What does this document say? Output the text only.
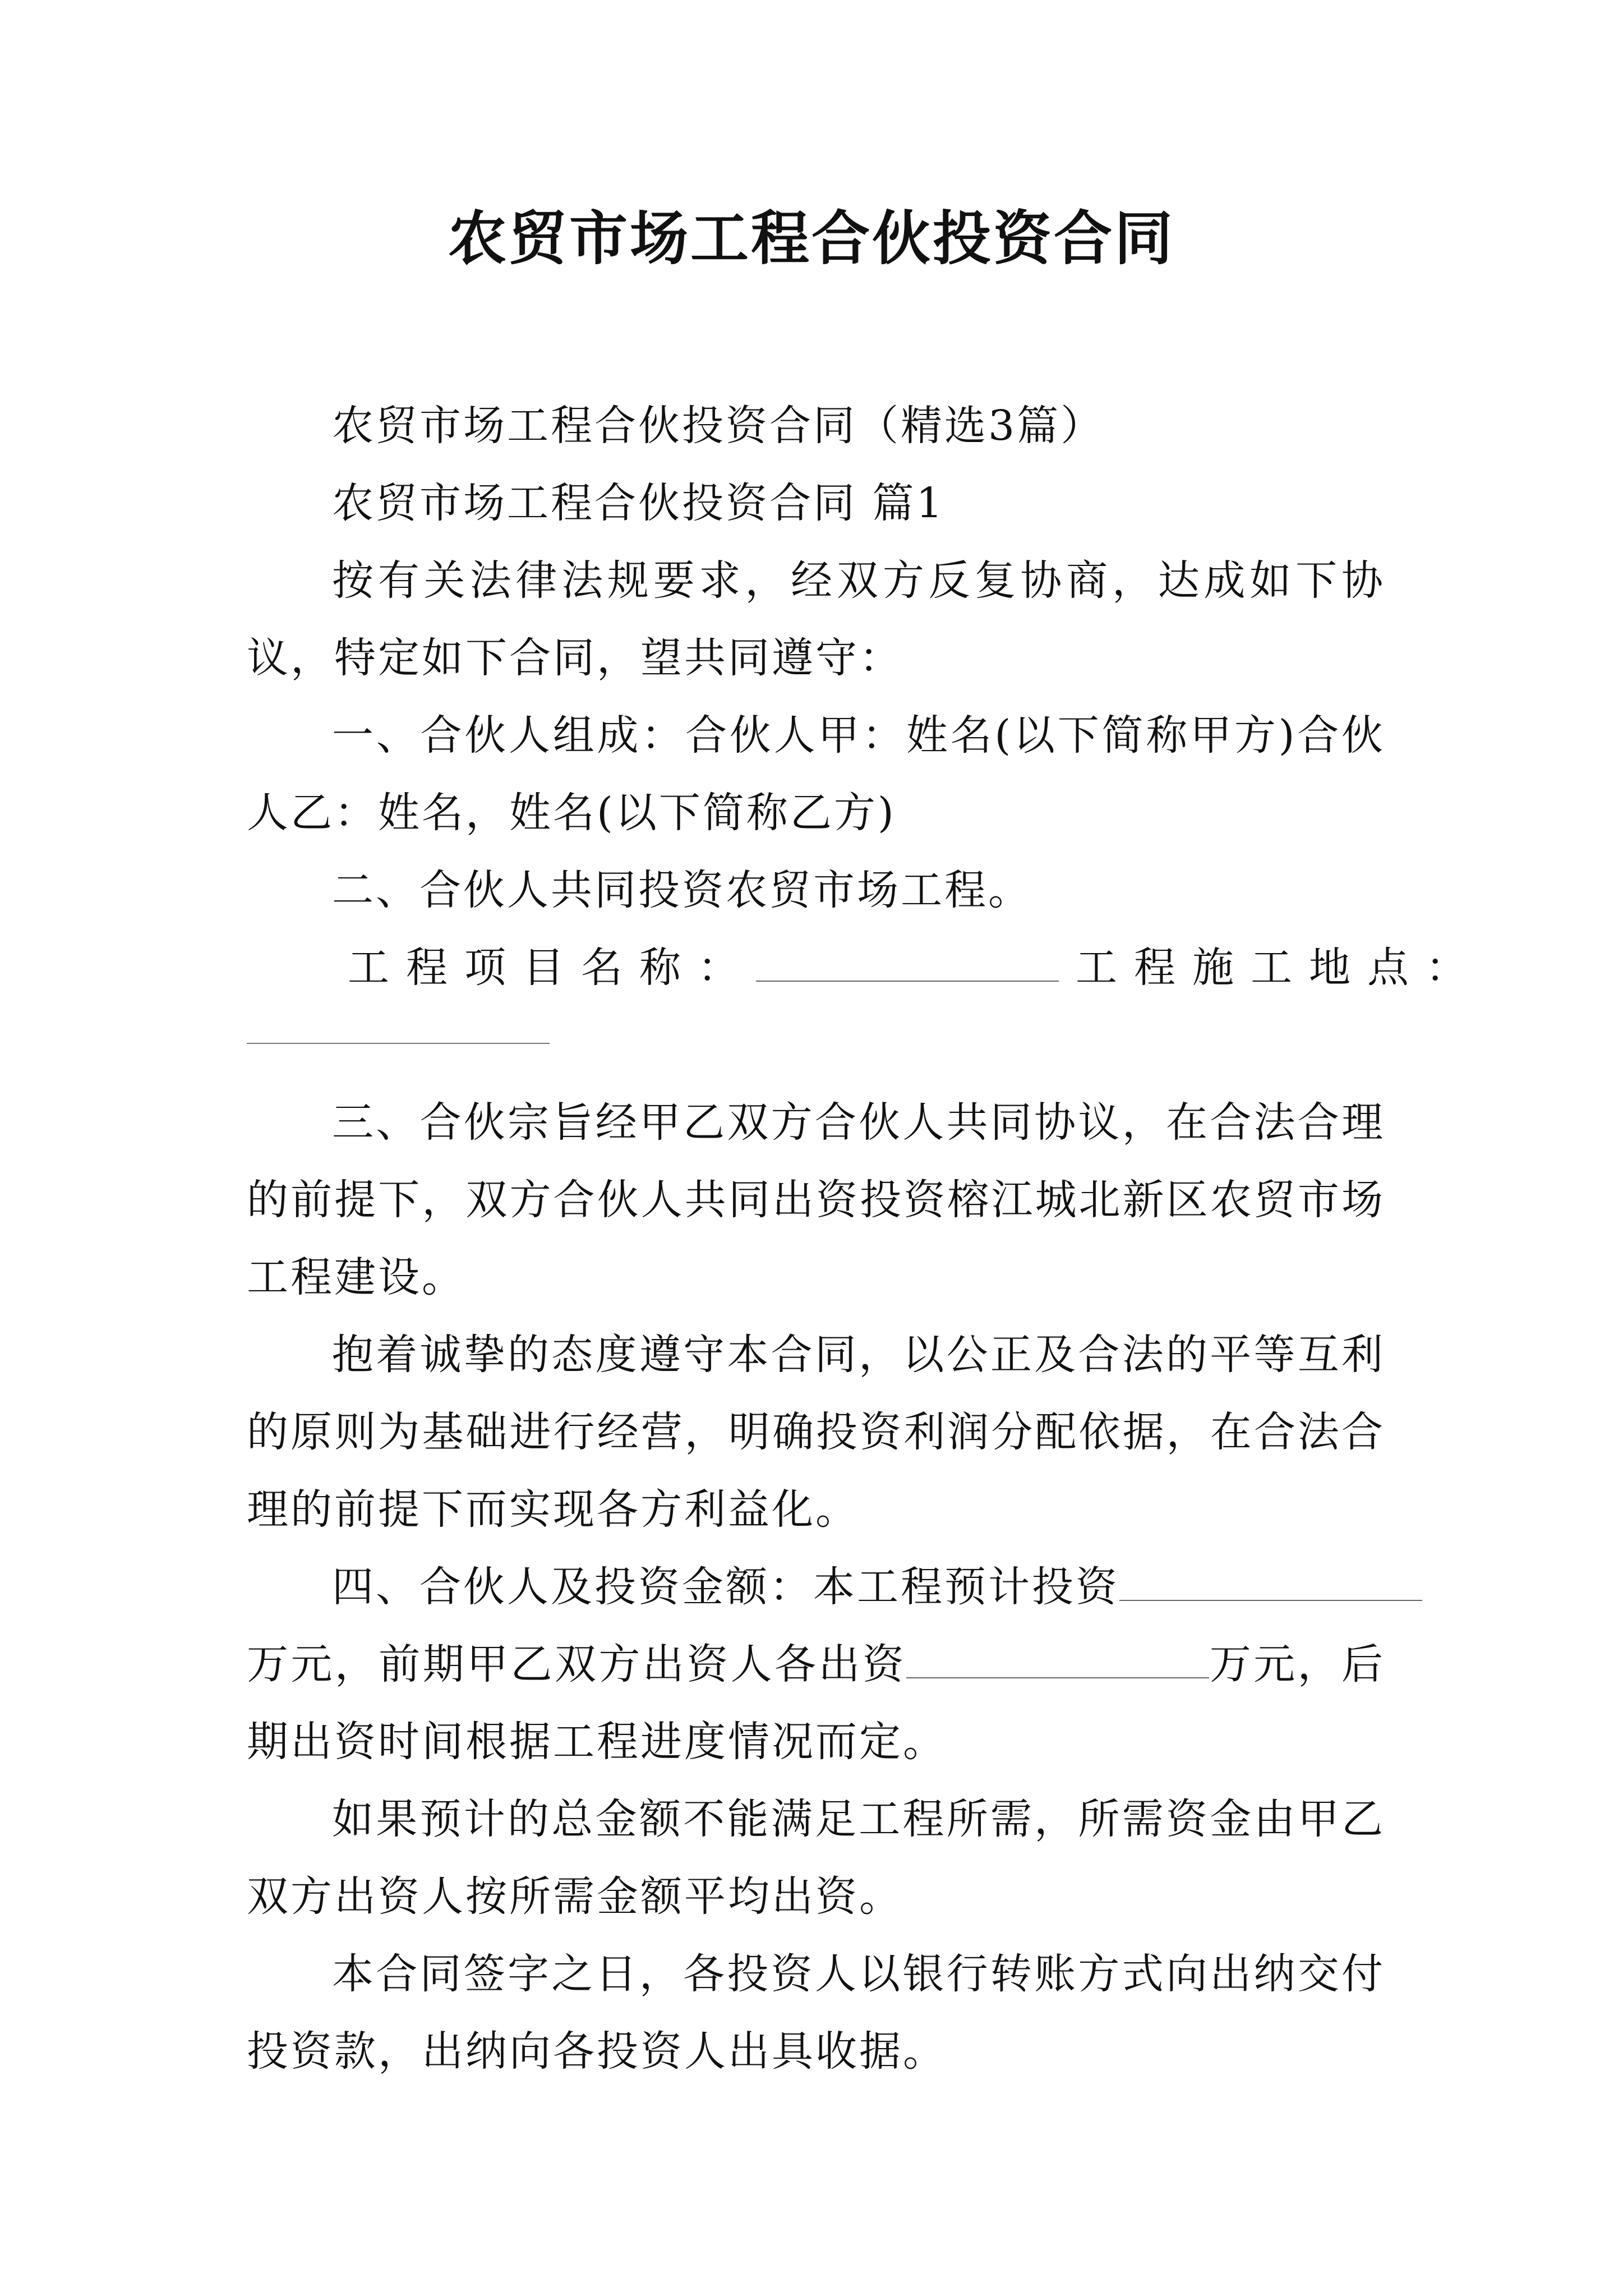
农贸市场工程合伙投资合同
农贸市场工程合伙投资合同（精选3篇）
农贸市场工程合伙投资合同 篇1
按有关法律法规要求，经双方反复协商，达成如下协议，特定如下合同，望共同遵守：
一、合伙人组成：合伙人甲：姓名(以下简称甲方)合伙人乙：姓名，姓名(以下简称乙方)
二、合伙人共同投资农贸市场工程。
工程项目名称：	工程施工地点：
三、合伙宗旨经甲乙双方合伙人共同协议，在合法合理的前提下，双方合伙人共同出资投资榕江城北新区农贸市场工程建设。
抱着诚挚的态度遵守本合同，以公正及合法的平等互利的原则为基础进行经营，明确投资利润分配依据，在合法合理的前提下而实现各方利益化。
四、合伙人及投资金额：本工程预计投资
万元，前期甲乙双方出资人各出资	万元，后期出资时间根据工程进度情况而定。
如果预计的总金额不能满足工程所需，所需资金由甲乙双方出资人按所需金额平均出资。
本合同签字之日，各投资人以银行转账方式向出纳交付投资款，出纳向各投资人出具收据。
